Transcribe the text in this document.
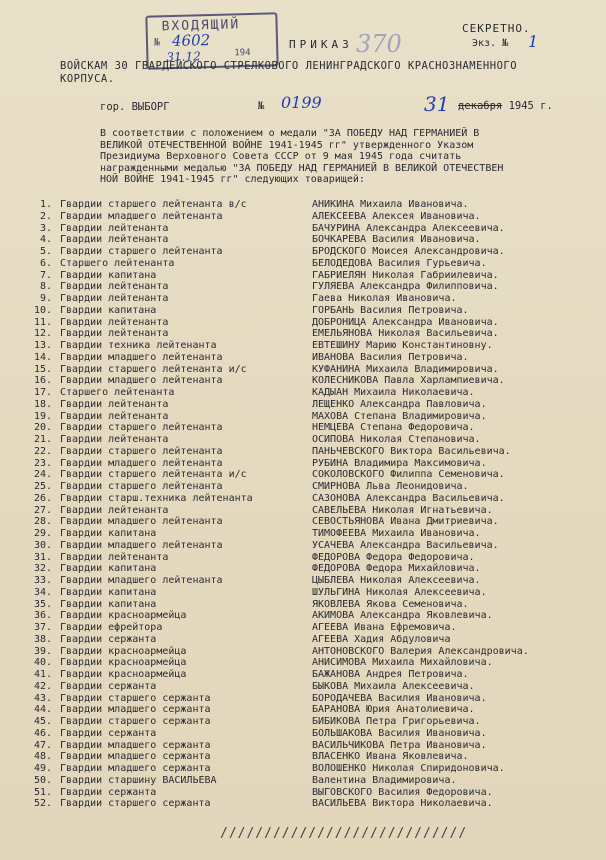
ВХОДЯЩИЙ
№ 4602
31.12	194
ПРИКАЗ 370
СЕКРЕТНО.
Экз. № 1
ВОЙСКАМ 30 ГВАРДЕЙСКОГО СТРЕЛКОВОГО ЛЕНИНГРАДСКОГО КРАСНОЗНАМЕННОГО
КОРПУСА.
гор. ВЫБОРГ	№ 0199	31 декабря 1945 г.
В соответствии с положением о медали "ЗА ПОБЕДУ НАД ГЕРМАНИЕЙ В
ВЕЛИКОЙ ОТЕЧЕСТВЕННОЙ ВОЙНЕ 1941-1945 гг" утвержденного Указом
Президиума Верховного Совета СССР от 9 мая 1945 года считать
награжденными медалью "ЗА ПОБЕДУ НАД ГЕРМАНИЕЙ В ВЕЛИКОЙ ОТЕЧЕСТВЕН
НОЙ ВОЙНЕ 1941-1945 гг" следующих товарищей:
1. Гвардии старшего лейтенанта в/с	АНИКИНА Михаила Ивановича.
2. Гвардии младшего лейтенанта	АЛЕКСЕЕВА Алексея Ивановича.
3. Гвардии лейтенанта	БАЧУРИНА Александра Алексеевича.
4. Гвардии лейтенанта	БОЧКАРЕВА Василия Ивановича.
5. Гвардии старшего лейтенанта	БРОДСКОГО Моисея Александровича.
6. Старшего лейтенанта	БЕЛОДЕДОВА Василия Гурьевича.
7. Гвардии капитана	ГАБРИЕЛЯН Николая Габриилевича.
8. Гвардии лейтенанта	ГУЛЯЕВА Александра Филипповича.
9. Гвардии лейтенанта	Гаева Николая Ивановича.
10. Гвардии капитана	ГОРБАНЬ Василия Петровича.
11. Гвардии лейтенанта	ДОБРОНИЦА Александра Ивановича.
12. Гвардии лейтенанта	ЕМЕЛЬЯНОВА Николая Васильевича.
13. Гвардии техника лейтенанта	ЕВТЕШИНУ Марию Константиновну.
14. Гвардии младшего лейтенанта	ИВАНОВА Василия Петровича.
15. Гвардии старшего лейтенанта и/с	КУФАНИНА Михаила Владимировича.
16. Гвардии младшего лейтенанта	КОЛЕСНИКОВА Павла Харлампиевича.
17. Старшего лейтенанта	КАДЫАН Михаила Николаевича.
18. Гвардии лейтенанта	ЛЕЩЕНКО Александра Павловича.
19. Гвардии лейтенанта	МАХОВА Степана Владимировича.
20. Гвардии старшего лейтенанта	НЕМЦЕВА Степана Федоровича.
21. Гвардии лейтенанта	ОСИПОВА Николая Степановича.
22. Гвардии старшего лейтенанта	ПАНЬЧЕВСКОГО Виктора Васильевича.
23. Гвардии младшего лейтенанта	РУБИНА Владимира Максимовича.
24. Гвардии старшего лейтенанта и/с	СОКОЛОВСКОГО Филиппа Семеновича.
25. Гвардии старшего лейтенанта	СМИРНОВА Льва Леонидовича.
26. Гвардии старш.техника лейтенанта	САЗОНОВА Александра Васильевича.
27. Гвардии лейтенанта	САВЕЛЬЕВА Николая Игнатьевича.
28. Гвардии младшего лейтенанта	СЕВОСТЬЯНОВА Ивана Дмитриевича.
29. Гвардии капитана	ТИМОФЕЕВА Михаила Ивановича.
30. Гвардии младшего лейтенанта	УСАЧЕВА Александра Васильевича.
31. Гвардии лейтенанта	ФЕДОРОВА Федора Федоровича.
32. Гвардии капитана	ФЕДОРОВА Федора Михайловича.
33. Гвардии младшего лейтенанта	ЦЫБЛЕВА Николая Алексеевича.
34. Гвардии капитана	ШУЛЬГИНА Николая Алексеевича.
35. Гвардии капитана	ЯКОВЛЕВА Якова Семеновича.
36. Гвардии красноармейца	АКИМОВА Александра Яковлевича.
37. Гвардии ефрейтора	АГЕЕВА Ивана Ефремовича.
38. Гвардии сержанта	АГЕЕВА Хадия Абдуловича
39. Гвардии красноармейца	АНТОНОВСКОГО Валерия Александровича.
40. Гвардии красноармейца	АНИСИМОВА Михаила Михайловича.
41. Гвардии красноармейца	БАЖАНОВА Андрея Петровича.
42. Гвардии сержанта	БЫКОВА Михаила Алексеевича.
43. Гвардии старшего сержанта	БОРОДАЧЕВА Василия Ивановича.
44. Гвардии младшего сержанта	БАРАНОВА Юрия Анатолиевича.
45. Гвардии старшего сержанта	БИБИКОВА Петра Григорьевича.
46. Гвардии сержанта	БОЛЬШАКОВА Василия Ивановича.
47. Гвардии младшего сержанта	ВАСИЛЬЧИКОВА Петра Ивановича.
48. Гвардии младшего сержанта	ВЛАСЕНКО Ивана Яковлевича.
49. Гвардии младшего сержанта	ВОЛОШЕНКО Николая Спиридоновича.
50. Гвардии старшину ВАСИЛЬЕВА	Валентина Владимировича.
51. Гвардии сержанта	ВЫГОВСКОГО Василия Федоровича.
52. Гвардии старшего сержанта	ВАСИЛЬЕВА Виктора Николаевича.
////////////////////////////
